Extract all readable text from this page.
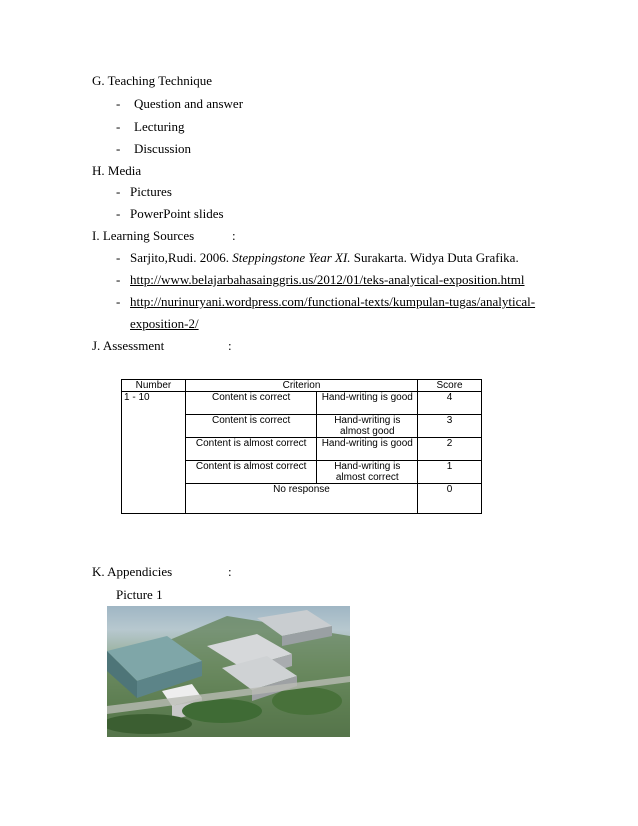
G. Teaching Technique
- Question and answer
- Lecturing
- Discussion
H. Media
- Pictures
- PowerPoint slides
I. Learning Sources	:
- Sarjito,Rudi. 2006. Steppingstone Year XI. Surakarta. Widya Duta Grafika.
- http://www.belajarbahasainggris.us/2012/01/teks-analytical-exposition.html
- http://nurinuryani.wordpress.com/functional-texts/kumpulan-tugas/analytical-
exposition-2/
J. Assessment	:
Number	Criterion		Score
1 - 10	Content is correct	Hand-writing is good	4
	Content is correct	Hand-writing is almost good	3
	Content is almost correct	Hand-writing is good	2
	Content is almost correct	Hand-writing is almost correct	1
	No response		0
K. Appendicies	:
Picture 1
